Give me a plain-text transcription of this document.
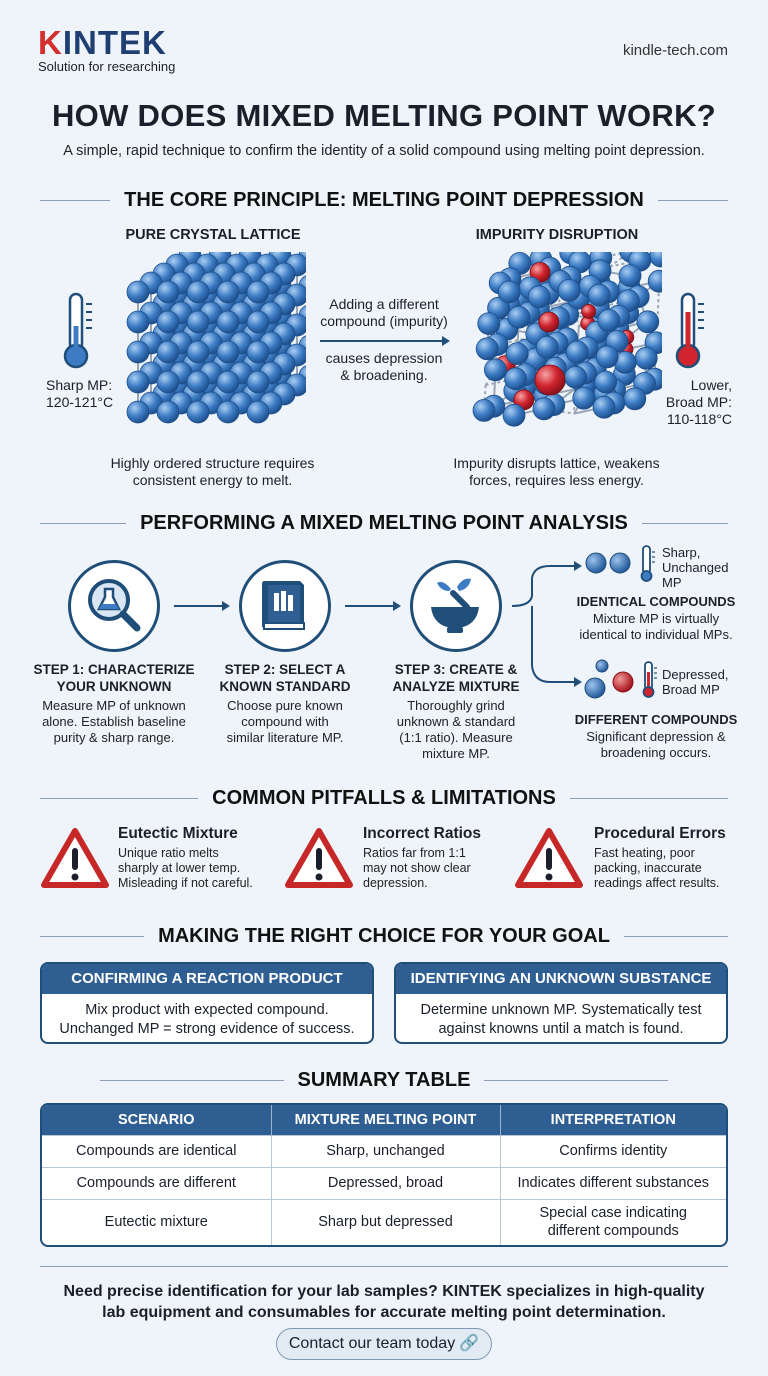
KINTEK
Solution for researching
kindle-tech.com
HOW DOES MIXED MELTING POINT WORK?
A simple, rapid technique to confirm the identity of a solid compound using melting point depression.
THE CORE PRINCIPLE: MELTING POINT DEPRESSION
PURE CRYSTAL LATTICE	IMPURITY DISRUPTION
Sharp MP:
120-121°C
Adding a different
compound (impurity)
causes depression
& broadening.
Lower,
Broad MP:
110-118°C
Highly ordered structure requires
consistent energy to melt.
Impurity disrupts lattice, weakens
forces, requires less energy.
PERFORMING A MIXED MELTING POINT ANALYSIS
Sharp,
Unchanged
MP
IDENTICAL COMPOUNDS
Mixture MP is virtually
identical to individual MPs.
Depressed,
Broad MP
DIFFERENT COMPOUNDS
Significant depression &
broadening occurs.
STEP 1: CHARACTERIZE
YOUR UNKNOWN
Measure MP of unknown
alone. Establish baseline
purity & sharp range.
STEP 2: SELECT A
KNOWN STANDARD
Choose pure known
compound with
similar literature MP.
STEP 3: CREATE &
ANALYZE MIXTURE
Thoroughly grind
unknown & standard
(1:1 ratio). Measure
mixture MP.
COMMON PITFALLS & LIMITATIONS
Eutectic Mixture
Unique ratio melts
sharply at lower temp.
Misleading if not careful.
Incorrect Ratios
Ratios far from 1:1
may not show clear
depression.
Procedural Errors
Fast heating, poor
packing, inaccurate
readings affect results.
MAKING THE RIGHT CHOICE FOR YOUR GOAL
CONFIRMING A REACTION PRODUCT
Mix product with expected compound.
Unchanged MP = strong evidence of success.
IDENTIFYING AN UNKNOWN SUBSTANCE
Determine unknown MP. Systematically test
against knowns until a match is found.
SUMMARY TABLE
SCENARIO	MIXTURE MELTING POINT	INTERPRETATION
Compounds are identical	Sharp, unchanged	Confirms identity
Compounds are different	Depressed, broad	Indicates different substances
Eutectic mixture	Sharp but depressed	Special case indicating
different compounds
Need precise identification for your lab samples? KINTEK specializes in high-quality
lab equipment and consumables for accurate melting point determination.
Contact our team today 🔗
